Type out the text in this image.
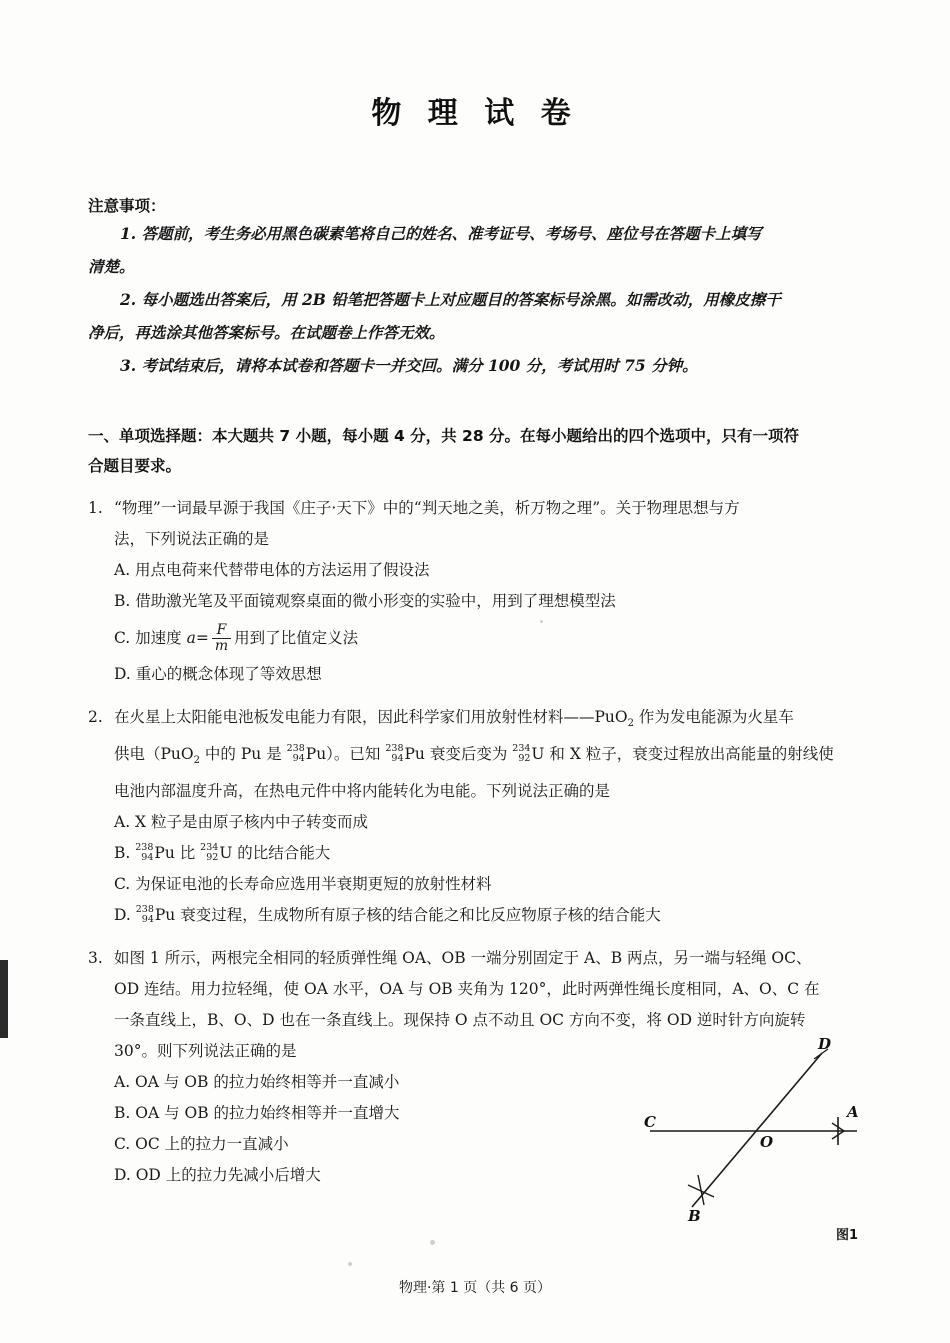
物 理 试 卷
注意事项：
1. 答题前，考生务必用黑色碳素笔将自己的姓名、准考证号、考场号、座位号在答题卡上填写
清楚。
2. 每小题选出答案后，用 2B 铅笔把答题卡上对应题目的答案标号涂黑。如需改动，用橡皮擦干
净后，再选涂其他答案标号。在试题卷上作答无效。
3. 考试结束后，请将本试卷和答题卡一并交回。满分 100 分，考试用时 75 分钟。
一、单项选择题：本大题共 7 小题，每小题 4 分，共 28 分。在每小题给出的四个选项中，只有一项符
合题目要求。
1. “物理”一词最早源于我国《庄子·天下》中的“判天地之美，析万物之理”。关于物理思想与方
法，下列说法正确的是
A. 用点电荷来代替带电体的方法运用了假设法
B. 借助激光笔及平面镜观察桌面的微小形变的实验中，用到了理想模型法
C. 加速度 $a= \frac{F}{m}$ 用到了比值定义法
D. 重心的概念体现了等效思想
2. 在火星上太阳能电池板发电能力有限，因此科学家们用放射性材料——PuO$_2$ 作为发电能源为火星车
供电（PuO$_2$ 中的 Pu 是 238
94 Pu）。已知 238
94 Pu 衰变后变为 234
92 U 和 X 粒子，衰变过程放出高能量的射线使
电池内部温度升高，在热电元件中将内能转化为电能。下列说法正确的是
A. X 粒子是由原子核内中子转变而成
B. 238
94 Pu 比 234
92 U 的比结合能大
C. 为保证电池的长寿命应选用半衰期更短的放射性材料
D. 238
94 Pu 衰变过程，生成物所有原子核的结合能之和比反应物原子核的结合能大
3. 如图 1 所示，两根完全相同的轻质弹性绳 OA、OB 一端分别固定于 A、B 两点，另一端与轻绳 OC、
OD 连结。用力拉轻绳，使 OA 水平，OA 与 OB 夹角为 120°，此时两弹性绳长度相同，A、O、C 在
一条直线上，B、O、D 也在一条直线上。现保持 O 点不动且 OC 方向不变，将 OD 逆时针方向旋转
30°。则下列说法正确的是
A. OA 与 OB 的拉力始终相等并一直减小
B. OA 与 OB 的拉力始终相等并一直增大
C. OC 上的拉力一直减小
D. OD 上的拉力先减小后增大
D
A
C
O
B
图1
物理·第 1 页（共 6 页）
